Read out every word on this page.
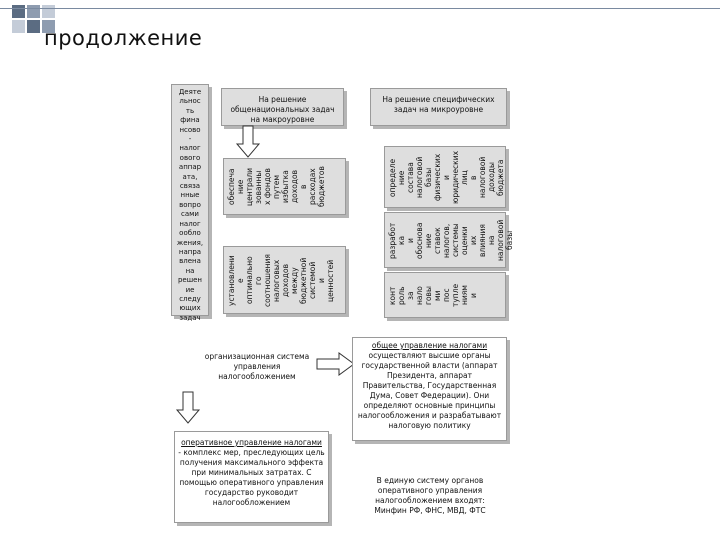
продолжение
Деяте
льнос
ть
фина
нсово
-
налог
ового
аппар
ата,
связа
нные
вопро
сами
налог
ообло
жения,
напра
влена
на
решен
ие
следу
ющих
задач
На решение общенациональных задач на макроуровне
обеспеча
ние
централи
зованны
х фондов
путем
избытка
доходов
в
расходах
бюджетов
установлени
е
оптимально
го
соотношения
налоговых
доходов
между
бюджетной
системой
и
ценностей
На решение специфических задач на микроуровне
определе
ние
состава
налоговой
базы
физических
и
юридических
лиц
в
налоговой
доходы
бюджета
разработ
ка
и
обоснова
ние
ставок
налогов,
системы
оценки
их
влияния
на
налоговой
базы
конт
роль
за
нало
говы
ми
пос
тупле
ниям
и
организационная система управления налогообложением
общее управление налогами
осуществляют высшие органы государственной власти (аппарат Президента, аппарат Правительства, Государственная Дума, Совет Федерации). Они определяют основные принципы налогообложения и разрабатывают налоговую политику
оперативное управление налогами
- комплекс мер, преследующих цель получения максимального эффекта при минимальных затратах. С помощью оперативного управления государство руководит налогообложением
В единую систему органов оперативного управления налогообложением входят: Минфин РФ, ФНС, МВД, ФТС
